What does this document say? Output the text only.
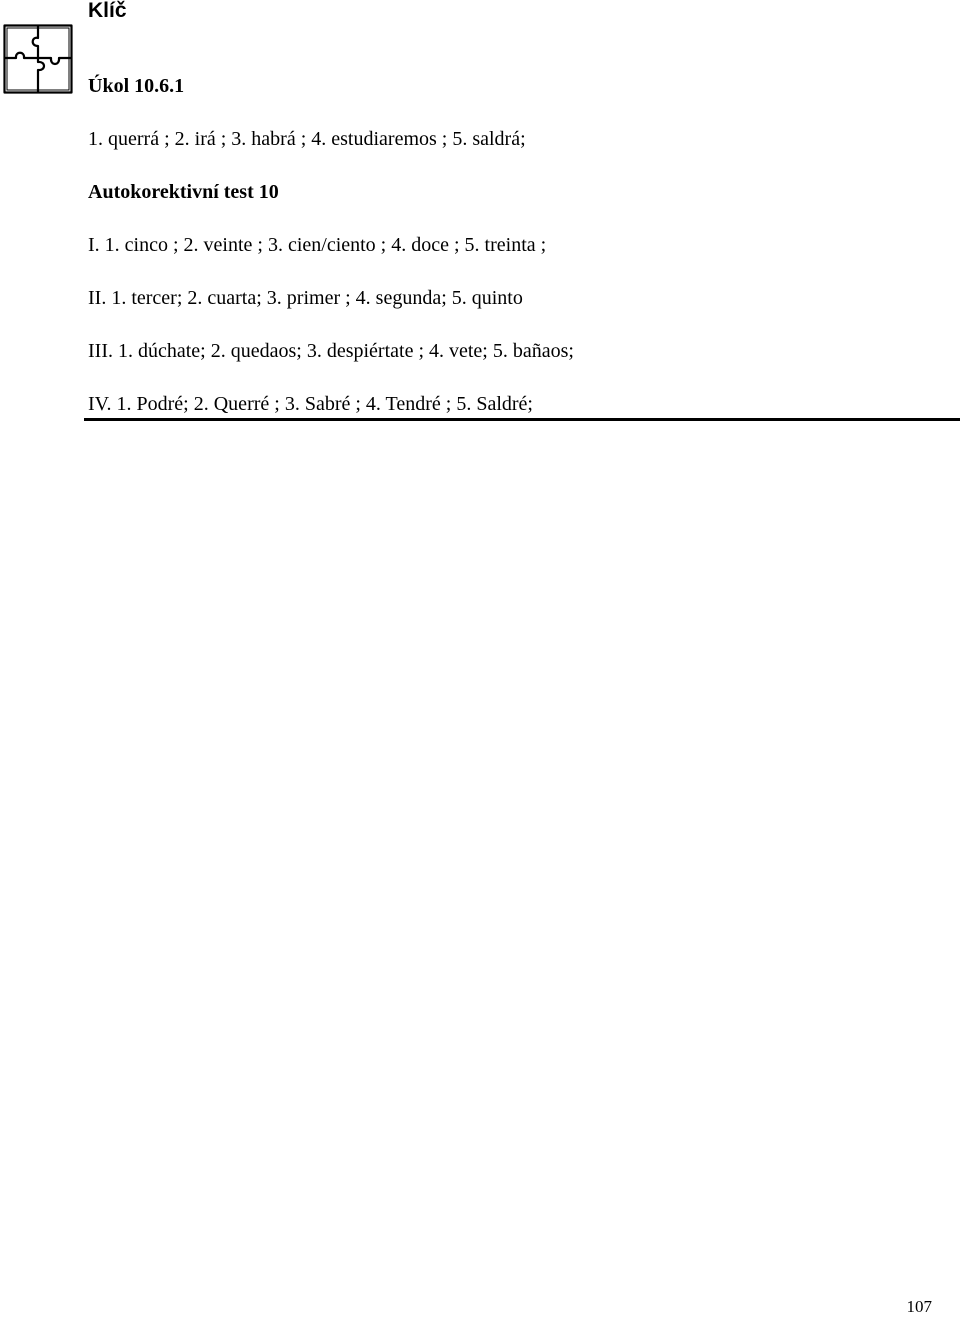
Klíč

Úkol 10.6.1

1. querrá ; 2. irá ; 3. habrá ; 4. estudiaremos ; 5. saldrá;

Autokorektivní test 10

I. 1. cinco ; 2. veinte ; 3. cien/ciento ; 4. doce ; 5. treinta ;

II. 1. tercer; 2. cuarta; 3. primer ; 4. segunda; 5. quinto

III. 1. dúchate; 2. quedaos; 3. despiértate ; 4. vete; 5. bañaos;

IV. 1. Podré; 2. Querré ; 3. Sabré ; 4. Tendré ; 5. Saldré;

107
